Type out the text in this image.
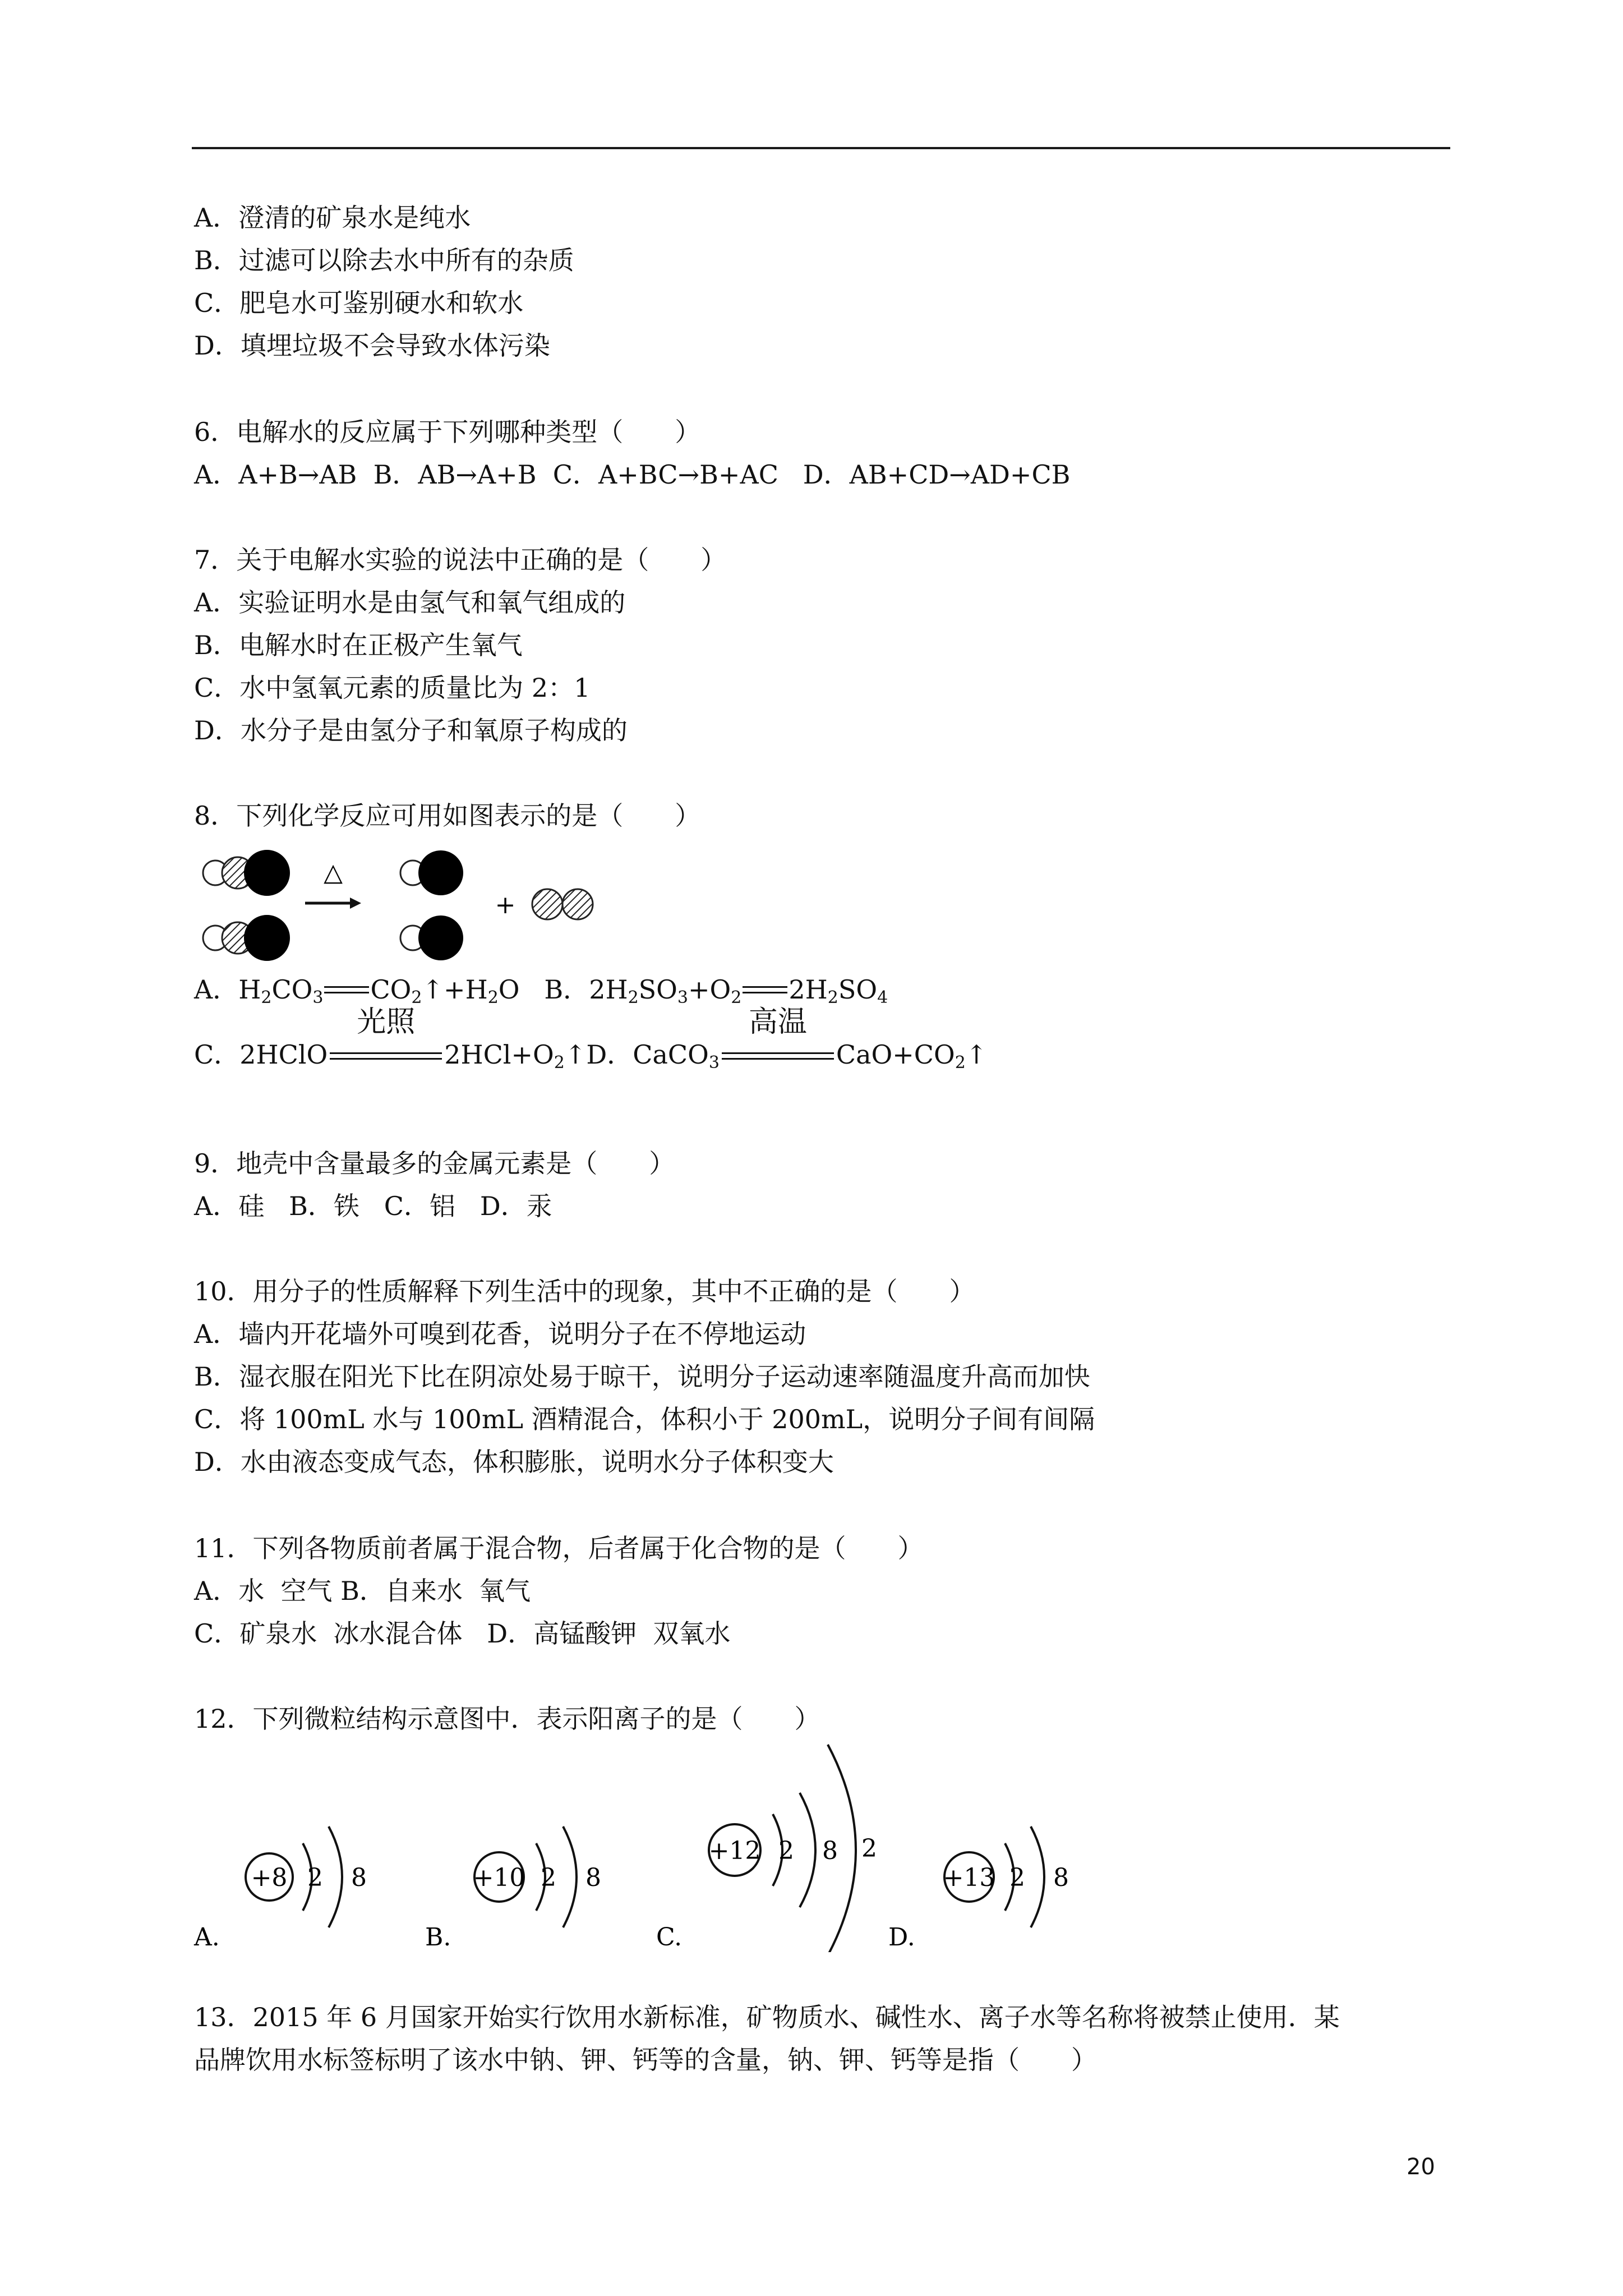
A．澄清的矿泉水是纯水
B．过滤可以除去水中所有的杂质
C．肥皂水可鉴别硬水和软水
D．填埋垃圾不会导致水体污染
6．电解水的反应属于下列哪种类型（　　）
A．A+B→AB  B．AB→A+B  C．A+BC→B+AC   D．AB+CD→AD+CB
7．关于电解水实验的说法中正确的是（　　）
A．实验证明水是由氢气和氧气组成的
B．电解水时在正极产生氧气
C．水中氢氧元素的质量比为 2：1
D．水分子是由氢分子和氧原子构成的
8．下列化学反应可用如图表示的是（　　）
△
+
A．$H_2CO_3$ $CO_2↑+H_2O$ B．$2H_2SO_3+O_2$ $2H_2SO_4$
C．2HClO
光照
$2HCl+O_2↑D$．CaCO$_3$
高温
$CaO+CO_2↑$
9．地壳中含量最多的金属元素是（　　）
A．硅   B．铁   C．铝   D．汞
10．用分子的性质解释下列生活中的现象，其中不正确的是（　　）
A．墙内开花墙外可嗅到花香，说明分子在不停地运动
B．湿衣服在阳光下比在阴凉处易于晾干，说明分子运动速率随温度升高而加快
C．将 100mL 水与 100mL 酒精混合，体积小于 200mL，说明分子间有间隔
D．水由液态变成气态，体积膨胀，说明水分子体积变大
11．下列各物质前者属于混合物，后者属于化合物的是（　　）
A．水  空气 B．自来水  氧气
C．矿泉水  冰水混合体   D．高锰酸钾  双氧水
12．下列微粒结构示意图中．表示阳离子的是（　　）
+8 2 8
A.
+10 2 8
B.
+12 2 8 2
C.
+13 2 8
D.
13．2015 年 6 月国家开始实行饮用水新标准，矿物质水、碱性水、离子水等名称将被禁止使用．某
品牌饮用水标签标明了该水中钠、钾、钙等的含量，钠、钾、钙等是指（　　）
20
